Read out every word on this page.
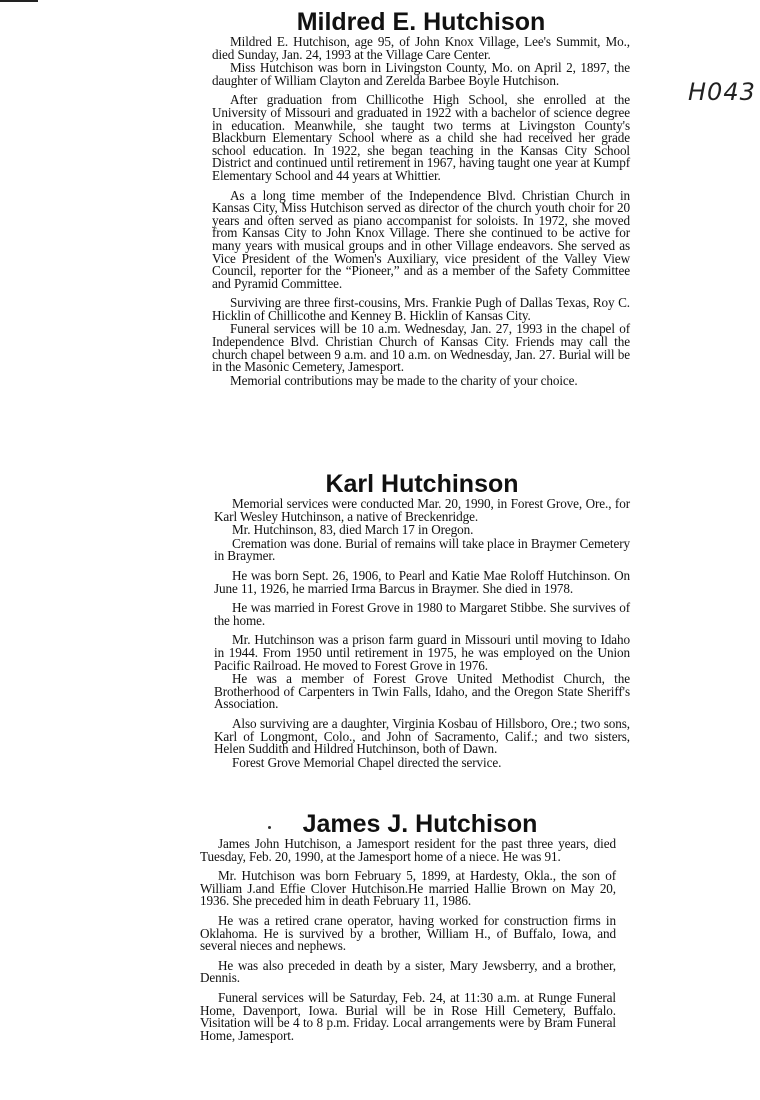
H043
Mildred E. Hutchison

Mildred E. Hutchison, age 95, of John Knox Village, Lee's Summit, Mo., died Sunday, Jan. 24, 1993 at the Village Care Center.

Miss Hutchison was born in Livingston County, Mo. on April 2, 1897, the daughter of William Clayton and Zerelda Barbee Boyle Hutchison.

After graduation from Chillicothe High School, she enrolled at the University of Missouri and graduated in 1922 with a bachelor of science degree in education. Meanwhile, she taught two terms at Livingston County's Blackburn Elementary School where as a child she had received her grade school education. In 1922, she began teaching in the Kansas City School District and continued until retirement in 1967, having taught one year at Kumpf Elementary School and 44 years at Whittier.

As a long time member of the Independence Blvd. Christian Church in Kansas City, Miss Hutchison served as director of the church youth choir for 20 years and often served as piano accompanist for soloists. In 1972, she moved from Kansas City to John Knox Village. There she continued to be active for many years with musical groups and in other Village endeavors. She served as Vice President of the Women's Auxiliary, vice president of the Valley View Council, reporter for the “Pioneer,” and as a member of the Safety Committee and Pyramid Committee.

Surviving are three first-cousins, Mrs. Frankie Pugh of Dallas Texas, Roy C. Hicklin of Chillicothe and Kenney B. Hicklin of Kansas City.

Funeral services will be 10 a.m. Wednesday, Jan. 27, 1993 in the chapel of Independence Blvd. Christian Church of Kansas City. Friends may call the church chapel between 9 a.m. and 10 a.m. on Wednesday, Jan. 27. Burial will be in the Masonic Cemetery, Jamesport.

Memorial contributions may be made to the charity of your choice.

Karl Hutchinson

Memorial services were conducted Mar. 20, 1990, in Forest Grove, Ore., for Karl Wesley Hutchinson, a native of Breckenridge.

Mr. Hutchinson, 83, died March 17 in Oregon.

Cremation was done. Burial of remains will take place in Braymer Cemetery in Braymer.

He was born Sept. 26, 1906, to Pearl and Katie Mae Roloff Hutchinson. On June 11, 1926, he married Irma Barcus in Braymer. She died in 1978.

He was married in Forest Grove in 1980 to Margaret Stibbe. She survives of the home.

Mr. Hutchinson was a prison farm guard in Missouri until moving to Idaho in 1944. From 1950 until retirement in 1975, he was employed on the Union Pacific Railroad. He moved to Forest Grove in 1976.

He was a member of Forest Grove United Methodist Church, the Brotherhood of Carpenters in Twin Falls, Idaho, and the Oregon State Sheriff's Association.

Also surviving are a daughter, Virginia Kosbau of Hillsboro, Ore.; two sons, Karl of Longmont, Colo., and John of Sacramento, Calif.; and two sisters, Helen Suddith and Hildred Hutchinson, both of Dawn.

Forest Grove Memorial Chapel directed the service.

James J. Hutchison

James John Hutchison, a Jamesport resident for the past three years, died Tuesday, Feb. 20, 1990, at the Jamesport home of a niece. He was 91.

Mr. Hutchison was born February 5, 1899, at Hardesty, Okla., the son of William J.and Effie Clover Hutchison.He married Hallie Brown on May 20, 1936. She preceded him in death February 11, 1986.

He was a retired crane operator, having worked for construction firms in Oklahoma. He is survived by a brother, William H., of Buffalo, Iowa, and several nieces and nephews.

He was also preceded in death by a sister, Mary Jewsberry, and a brother, Dennis.

Funeral services will be Saturday, Feb. 24, at 11:30 a.m. at Runge Funeral Home, Davenport, Iowa. Burial will be in Rose Hill Cemetery, Buffalo. Visitation will be 4 to 8 p.m. Friday. Local arrangements were by Bram Funeral Home, Jamesport.
